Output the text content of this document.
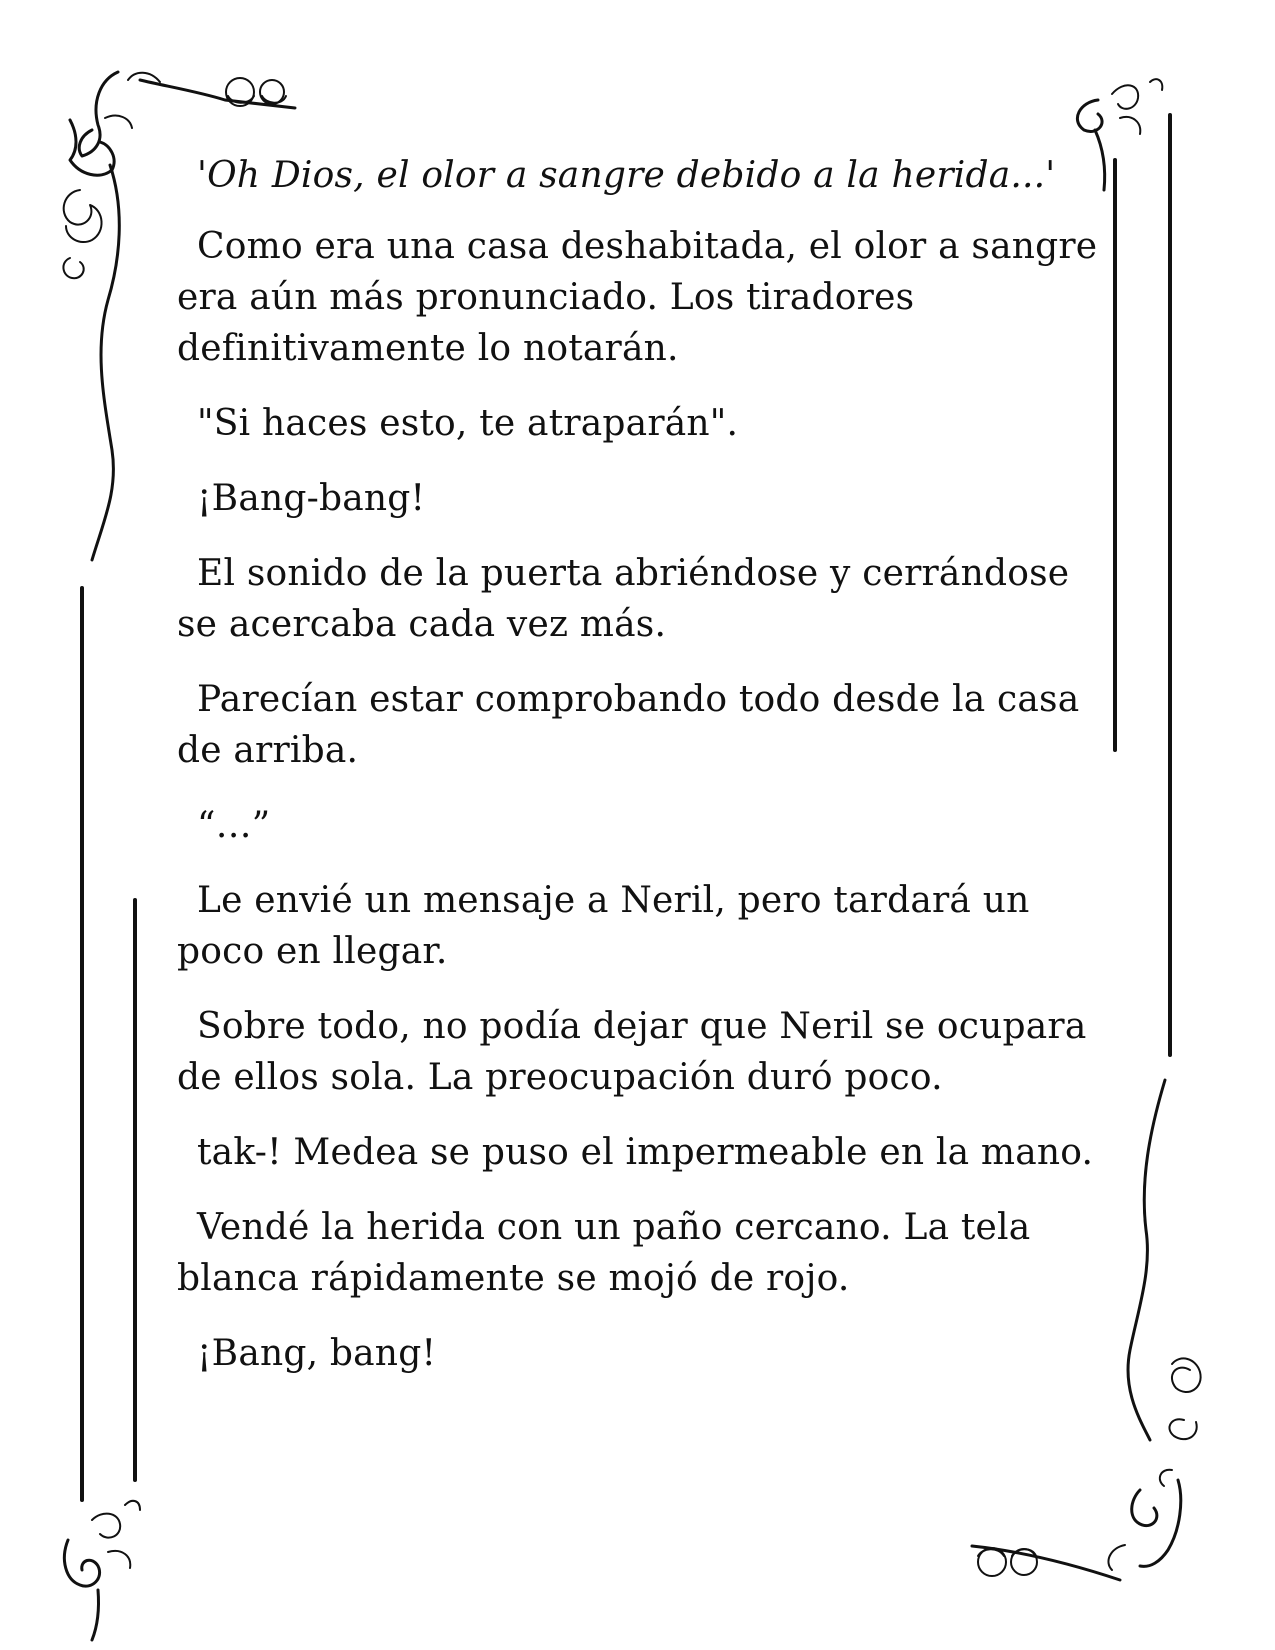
'Oh Dios, el olor a sangre debido a la herida...'

Como era una casa deshabitada, el olor a sangre era aún más pronunciado. Los tiradores definitivamente lo notarán.

"Si haces esto, te atraparán".

¡Bang-bang!

El sonido de la puerta abriéndose y cerrándose se acercaba cada vez más.

Parecían estar comprobando todo desde la casa de arriba.

“…”

Le envié un mensaje a Neril, pero tardará un poco en llegar.

Sobre todo, no podía dejar que Neril se ocupara de ellos sola. La preocupación duró poco.

tak-! Medea se puso el impermeable en la mano.

Vendé la herida con un paño cercano. La tela blanca rápidamente se mojó de rojo.

¡Bang, bang!
